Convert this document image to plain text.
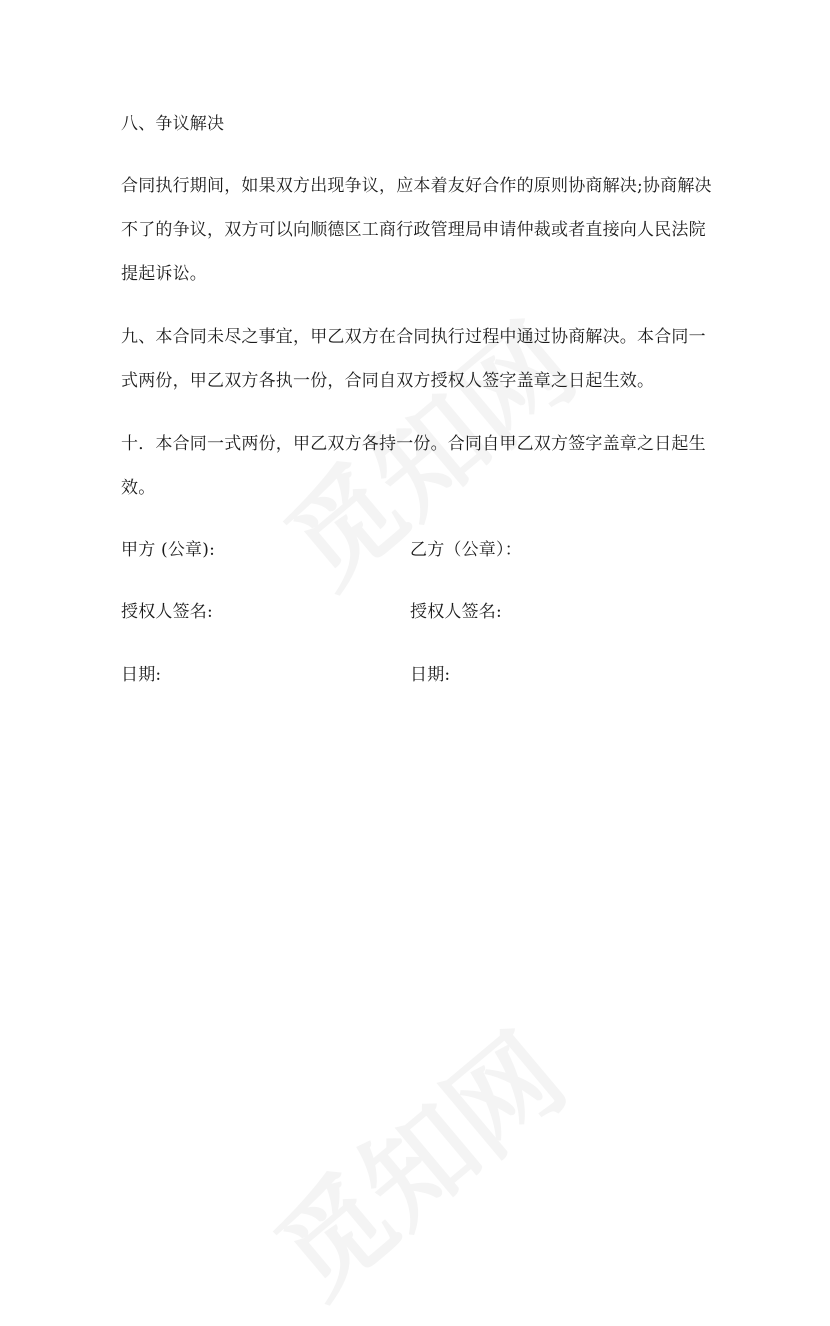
八、争议解决
合同执行期间，如果双方出现争议，应本着友好合作的原则协商解决;协商解决
不了的争议，双方可以向顺德区工商行政管理局申请仲裁或者直接向人民法院
提起诉讼。
九、本合同未尽之事宜，甲乙双方在合同执行过程中通过协商解决。本合同一
式两份，甲乙双方各执一份，合同自双方授权人签字盖章之日起生效。
十．本合同一式两份，甲乙双方各持一份。合同自甲乙双方签字盖章之日起生
效。
甲方 (公章):	乙方（公章）：
授权人签名:	授权人签名:
日期:	日期:
